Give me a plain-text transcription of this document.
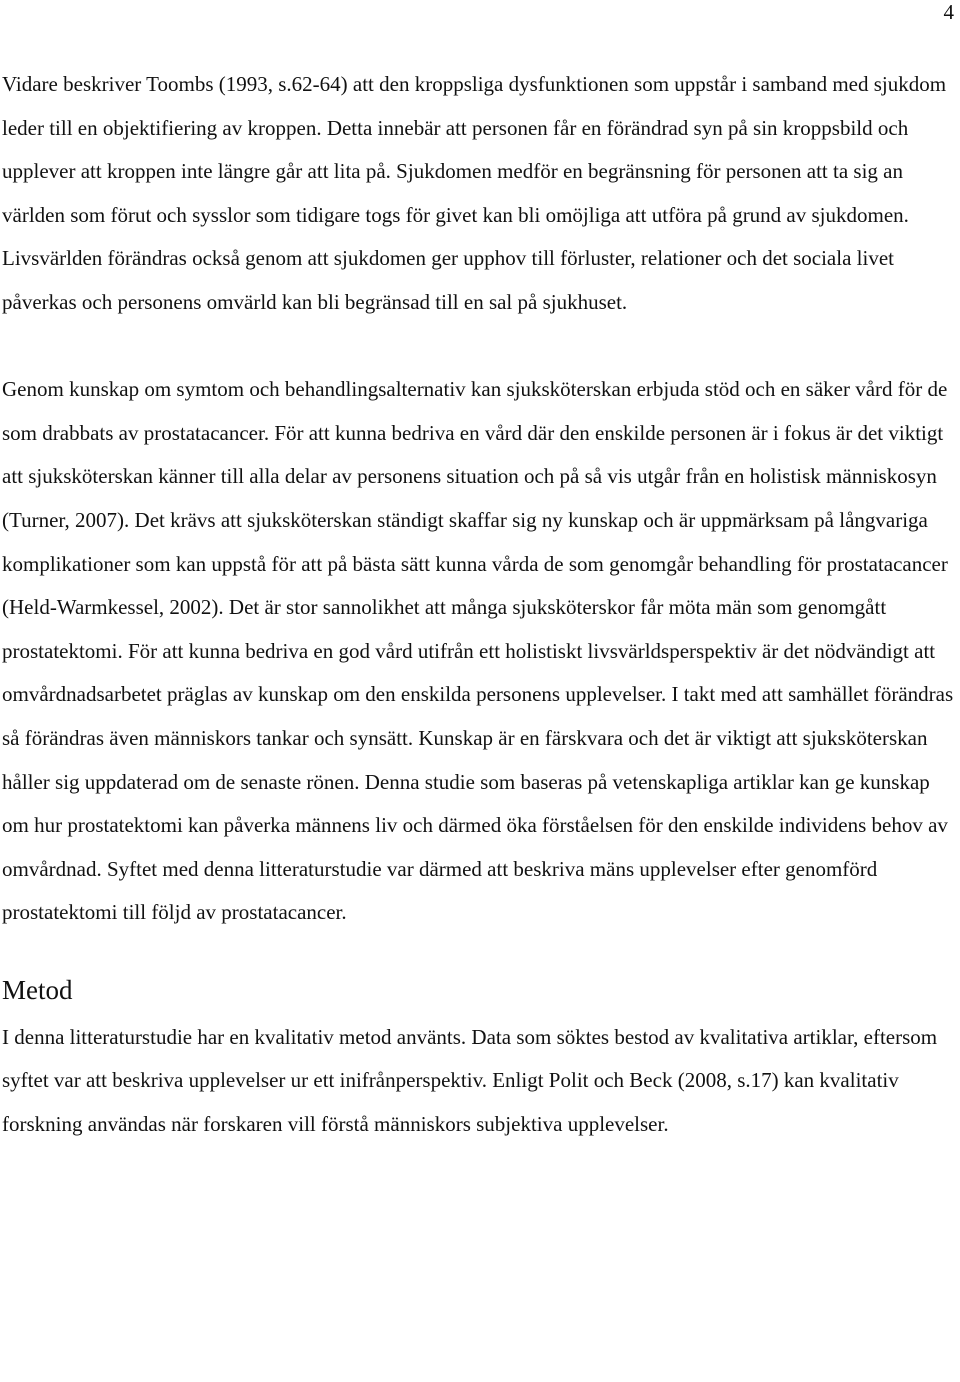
4

Vidare beskriver Toombs (1993, s.62-64) att den kroppsliga dysfunktionen som uppstår i samband med sjukdom leder till en objektifiering av kroppen. Detta innebär att personen får en förändrad syn på sin kroppsbild och upplever att kroppen inte längre går att lita på. Sjukdomen medför en begränsning för personen att ta sig an världen som förut och sysslor som tidigare togs för givet kan bli omöjliga att utföra på grund av sjukdomen. Livsvärlden förändras också genom att sjukdomen ger upphov till förluster, relationer och det sociala livet påverkas och personens omvärld kan bli begränsad till en sal på sjukhuset.

Genom kunskap om symtom och behandlingsalternativ kan sjuksköterskan erbjuda stöd och en säker vård för de som drabbats av prostatacancer. För att kunna bedriva en vård där den enskilde personen är i fokus är det viktigt att sjuksköterskan känner till alla delar av personens situation och på så vis utgår från en holistisk människosyn (Turner, 2007). Det krävs att sjuksköterskan ständigt skaffar sig ny kunskap och är uppmärksam på långvariga komplikationer som kan uppstå för att på bästa sätt kunna vårda de som genomgår behandling för prostatacancer (Held-Warmkessel, 2002). Det är stor sannolikhet att många sjuksköterskor får möta män som genomgått prostatektomi. För att kunna bedriva en god vård utifrån ett holistiskt livsvärldsperspektiv är det nödvändigt att omvårdnadsarbetet präglas av kunskap om den enskilda personens upplevelser. I takt med att samhället förändras så förändras även människors tankar och synsätt. Kunskap är en färskvara och det är viktigt att sjuksköterskan håller sig uppdaterad om de senaste rönen. Denna studie som baseras på vetenskapliga artiklar kan ge kunskap om hur prostatektomi kan påverka männens liv och därmed öka förståelsen för den enskilde individens behov av omvårdnad. Syftet med denna litteraturstudie var därmed att beskriva mäns upplevelser efter genomförd prostatektomi till följd av prostatacancer.

Metod

I denna litteraturstudie har en kvalitativ metod använts. Data som söktes bestod av kvalitativa artiklar, eftersom syftet var att beskriva upplevelser ur ett inifrånperspektiv. Enligt Polit och Beck (2008, s.17) kan kvalitativ forskning användas när forskaren vill förstå människors subjektiva upplevelser.
